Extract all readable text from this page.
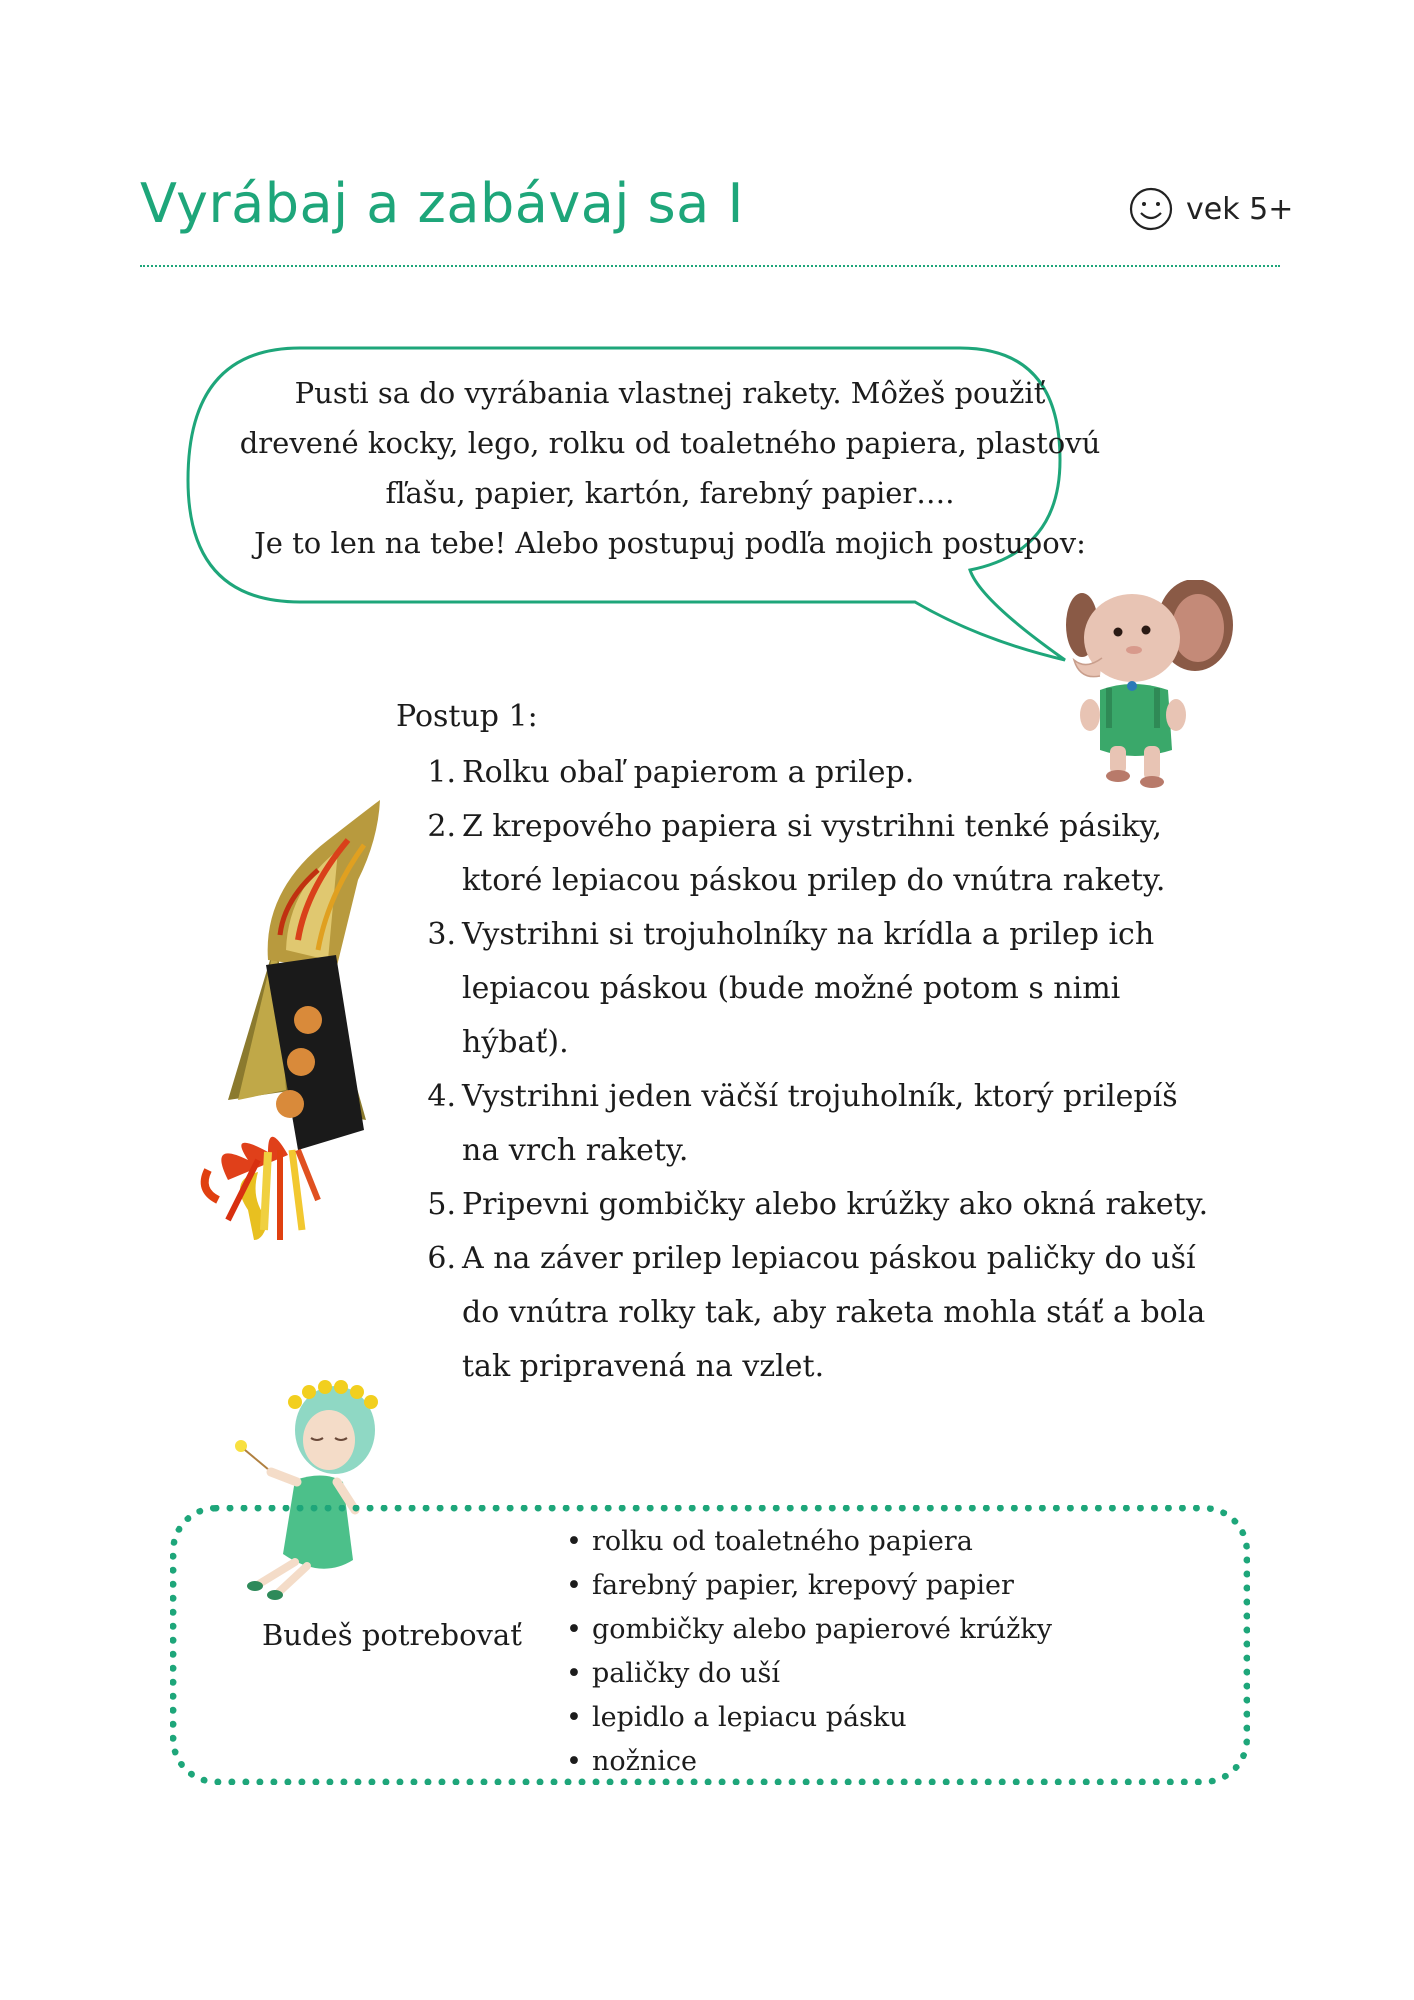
Vyrábaj a zabávaj sa I	vek 5+
Pusti sa do vyrábania vlastnej rakety. Môžeš použiť
drevené kocky, lego, rolku od toaletného papiera, plastovú
fľašu, papier, kartón, farebný papier….
Je to len na tebe! Alebo postupuj podľa mojich postupov:

Postup 1:

1. Rolku obaľ papierom a prilep.
2. Z krepového papiera si vystrihni tenké pásiky,
ktoré lepiacou páskou prilep do vnútra rakety.
3. Vystrihni si trojuholníky na krídla a prilep ich
lepiacou páskou (bude možné potom s nimi
hýbať).
4. Vystrihni jeden väčší trojuholník, ktorý prilepíš
na vrch rakety.
5. Pripevni gombičky alebo krúžky ako okná rakety.
6. A na záver prilep lepiacou páskou paličky do uší
do vnútra rolky tak, aby raketa mohla stáť a bola
tak pripravená na vzlet.
Budeš potrebovať
• rolku od toaletného papiera
• farebný papier, krepový papier
• gombičky alebo papierové krúžky
• paličky do uší
• lepidlo a lepiacu pásku
• nožnice
